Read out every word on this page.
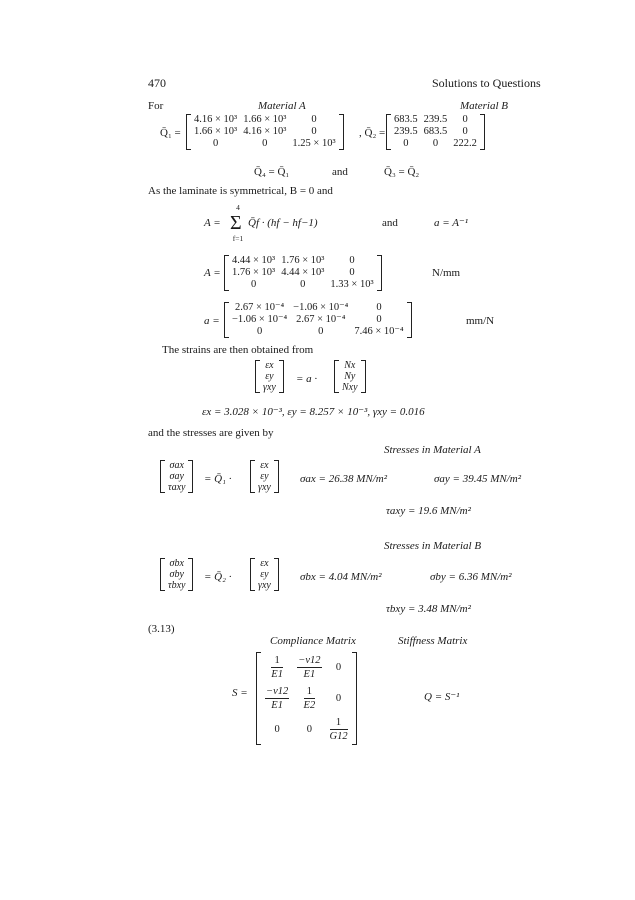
470	Solutions to Questions
For	Material A	Material B
Q̄₁ =
4.16 × 10³	1.66 × 10³	0
1.66 × 10³	4.16 × 10³	0
0	0	1.25 × 10³
, Q̄₂ =
683.5	239.5	0
239.5	683.5	0
0	0	222.2
Q̄₄ = Q̄₁	and	Q̄₃ = Q̄₂
As the laminate is symmetrical, B = 0 and
A =
4
Σ
f=1
Q̄f · (hf − hf−1)	and	a = A⁻¹
A =
4.44 × 10³	1.76 × 10³	0
1.76 × 10³	4.44 × 10³	0
0	0	1.33 × 10³
N/mm
a =
2.67 × 10⁻⁴	−1.06 × 10⁻⁴	0
−1.06 × 10⁻⁴	2.67 × 10⁻⁴	0
0	0	7.46 × 10⁻⁴
mm/N
The strains are then obtained from
εx
εy
γxy
= a ·
Nx
Ny
Nxy
εx = 3.028 × 10⁻³, εy = 8.257 × 10⁻³, γxy = 0.016
and the stresses are given by
Stresses in Material A
σax
σay
τaxy
= Q̄₁ ·
εx
εy
γxy
σax = 26.38 MN/m²	σay = 39.45 MN/m²
τaxy = 19.6 MN/m²
Stresses in Material B
σbx
σby
τbxy
= Q̄₂ ·
εx
εy
γxy
σbx = 4.04 MN/m²	σby = 6.36 MN/m²
τbxy = 3.48 MN/m²
(3.13)
Compliance Matrix	Stiffness Matrix
S =
$\frac{1}{E1}$	$\frac{-\nu 12}{E1}$	0

$\frac{-\nu 12}{E1}$	$\frac{1}{E2}$	0
0	0	$\frac{1}{G12}$
Q = S⁻¹
